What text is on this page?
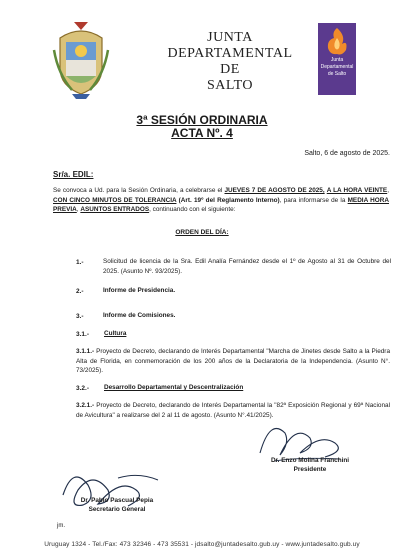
JUNTA
DEPARTAMENTAL
DE
SALTO
Junta Departamental de Salto
3ª SESIÓN ORDINARIA
ACTA Nº. 4
Salto, 6 de agosto de 2025.
Sr/a. EDIL:
Se convoca a Ud. para la Sesión Ordinaria, a celebrarse el JUEVES 7 DE AGOSTO DE 2025, A LA HORA VEINTE, CON CINCO MINUTOS DE TOLERANCIA (Art. 19º del Reglamento Interno), para informarse de la MEDIA HORA PREVIA, ASUNTOS ENTRADOS, continuando con el siguiente:
ORDEN DEL DÍA:
1.-	Solicitud de licencia de la Sra. Edil Analía Fernández desde el 1º de Agosto al 31 de Octubre del 2025. (Asunto Nº. 93/2025).
2.-	Informe de Presidencia.
3.-	Informe de Comisiones.
3.1.- Cultura
3.1.1.- Proyecto de Decreto, declarando de Interés Departamental "Marcha de Jinetes desde Salto a la Piedra Alta de Florida, en conmemoración de los 200 años de la Declaratoria de la Independencia. (Asunto N°. 73/2025).
3.2.- Desarrollo Departamental y Descentralización
3.2.1.- Proyecto de Decreto, declarando de Interés Departamental la "82ª Exposición Regional y 69ª Nacional de Avicultura" a realizarse del 2 al 11 de agosto. (Asunto N°.41/2025).
Dr. Enzo Molina Franchini
Presidente
Dr. Pablo Pascual Pepia
Secretario General
jm.
Uruguay 1324 - Tel./Fax: 473 32346 - 473 35531 - jdsalto@juntadesalto.gub.uy - www.juntadesalto.gub.uy
